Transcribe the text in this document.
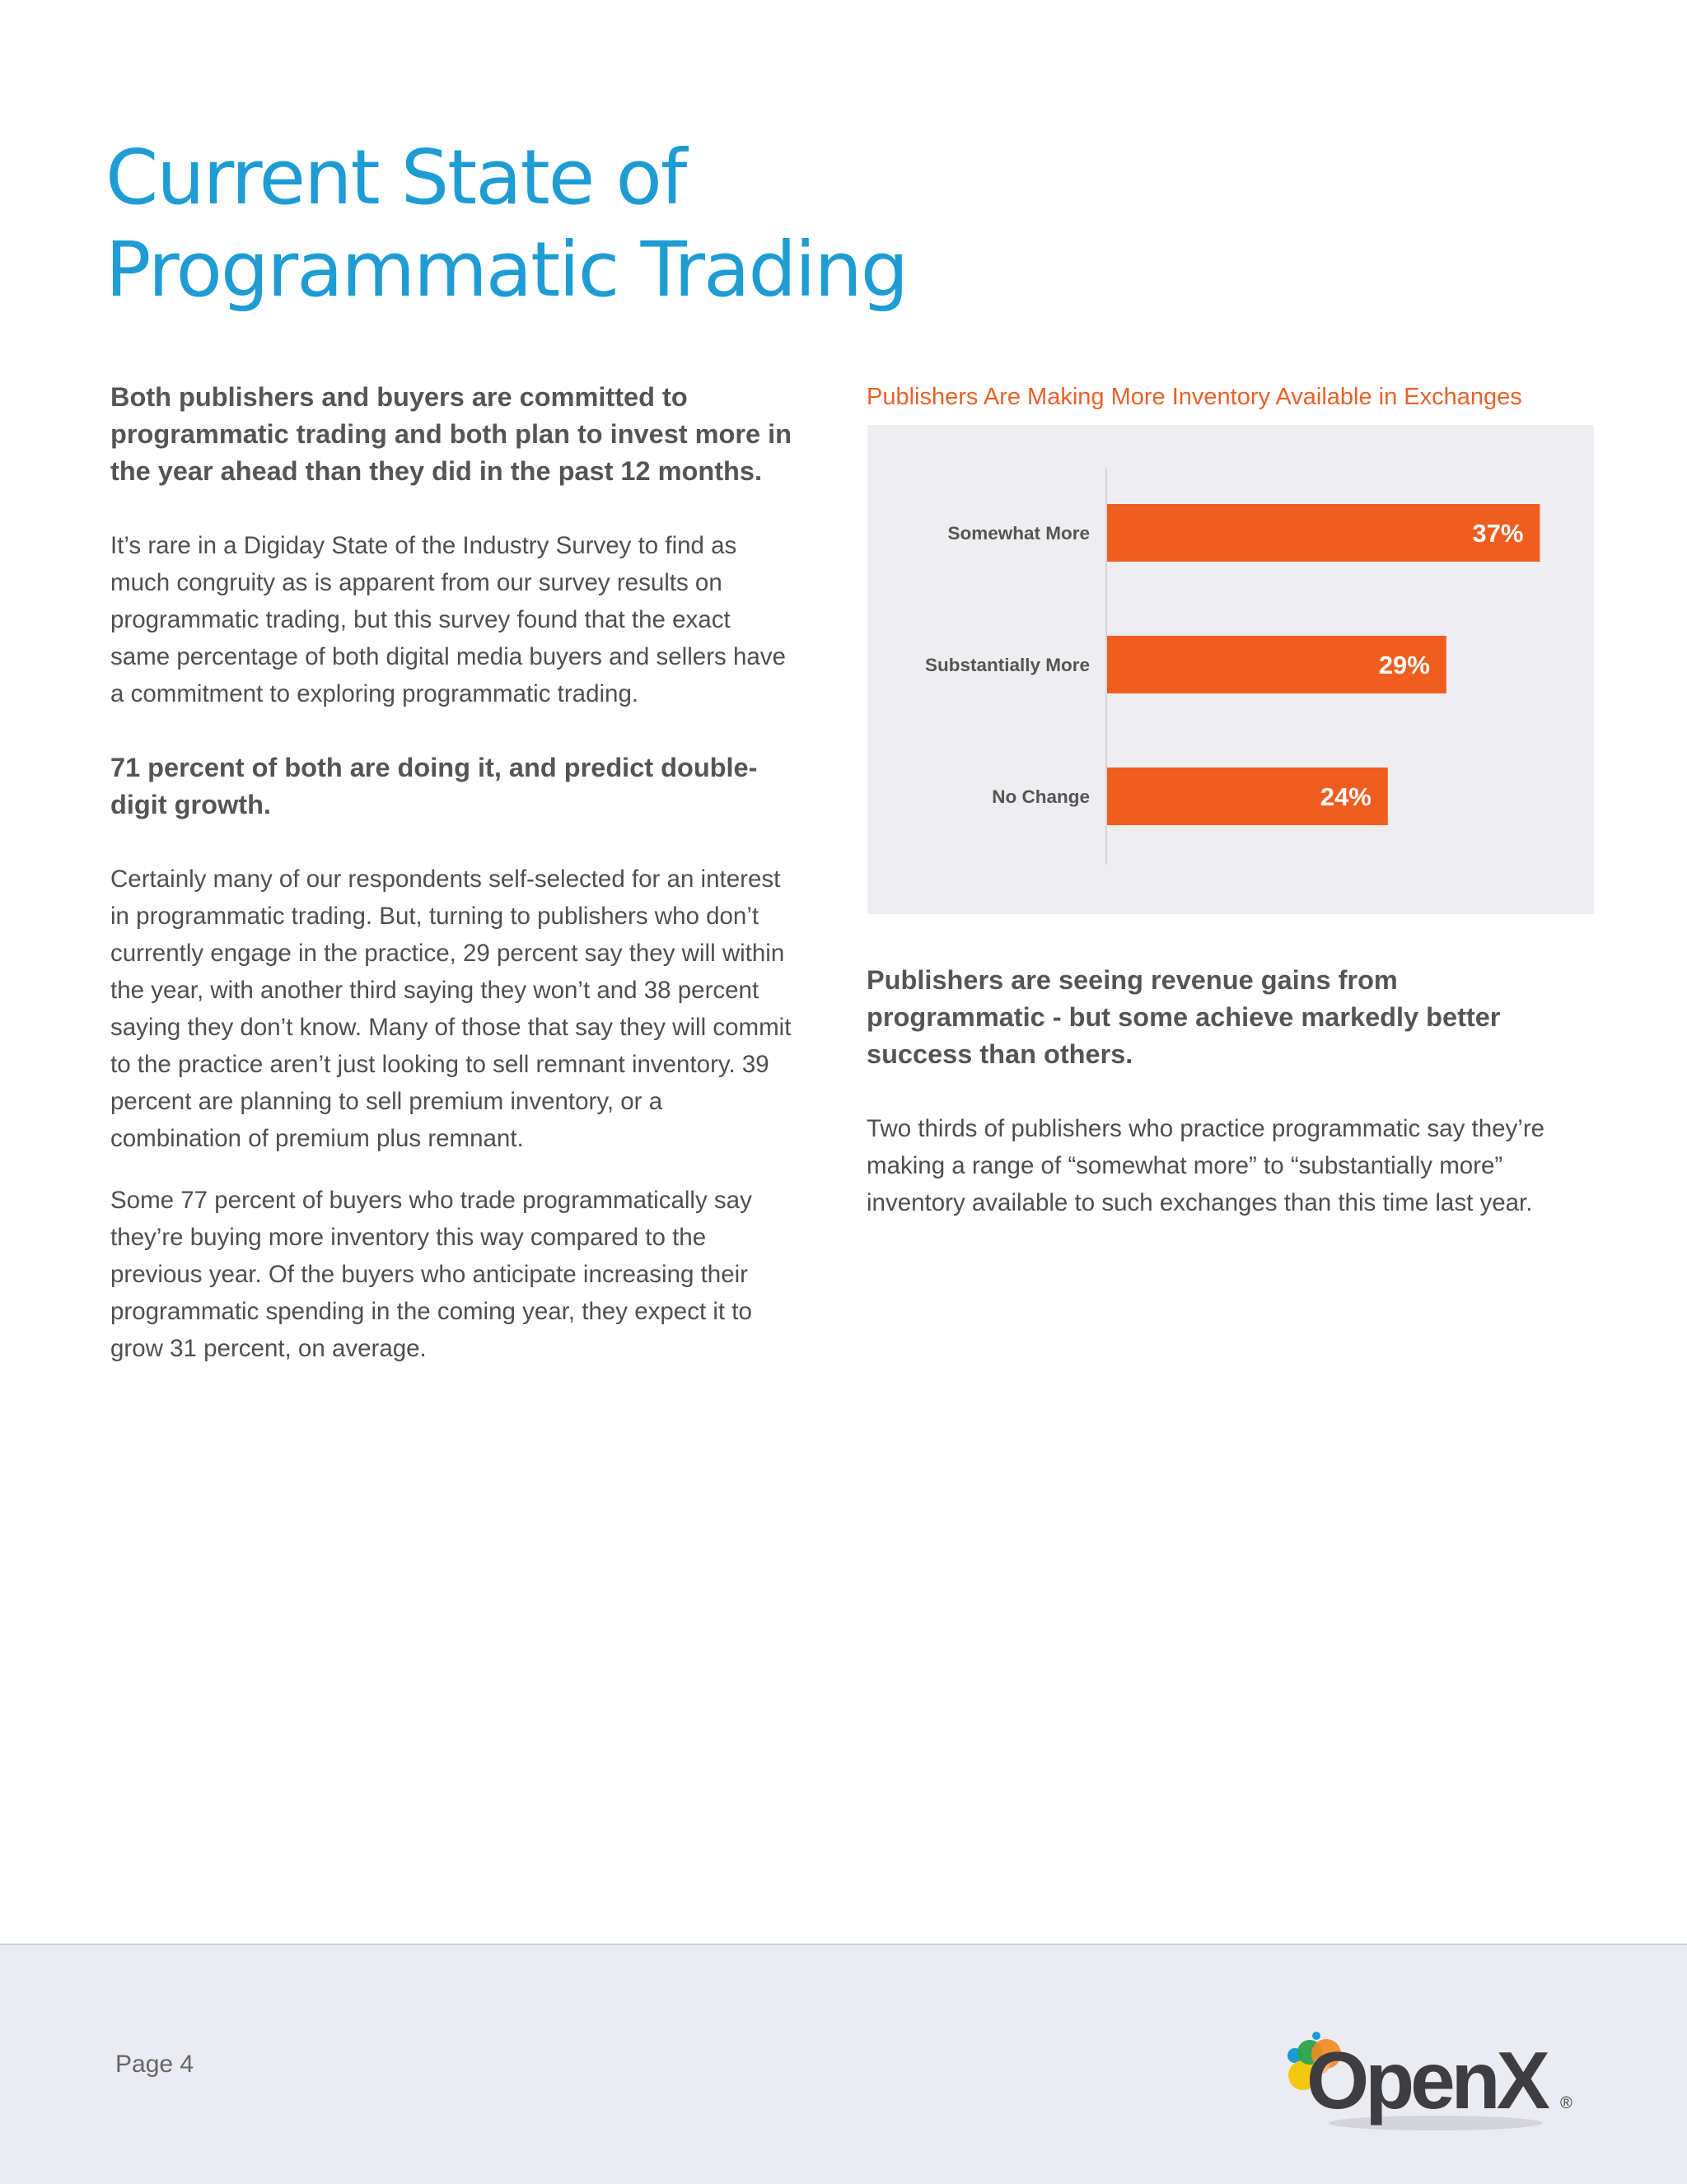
Current State of
Programmatic Trading

Both publishers and buyers are committed to programmatic trading and both plan to invest more in the year ahead than they did in the past 12 months.

It’s rare in a Digiday State of the Industry Survey to find as much congruity as is apparent from our survey results on programmatic trading, but this survey found that the exact same percentage of both digital media buyers and sellers have a commitment to exploring programmatic trading.

71 percent of both are doing it, and predict double-digit growth.

Certainly many of our respondents self-selected for an interest in programmatic trading. But, turning to publishers who don’t currently engage in the practice, 29 percent say they will within the year, with another third saying they won’t and 38 percent saying they don’t know. Many of those that say they will commit to the practice aren’t just looking to sell remnant inventory. 39 percent are planning to sell premium inventory, or a combination of premium plus remnant.

Some 77 percent of buyers who trade programmatically say they’re buying more inventory this way compared to the previous year. Of the buyers who anticipate increasing their programmatic spending in the coming year, they expect it to grow 31 percent, on average.

Publishers Are Making More Inventory Available in Exchanges

Somewhat More	37%
Substantially More	29%
No Change	24%

Publishers are seeing revenue gains from programmatic - but some achieve markedly better success than others.

Two thirds of publishers who practice programmatic say they’re making a range of “somewhat more” to “substantially more” inventory available to such exchanges than this time last year.

Page 4	OpenX ®
